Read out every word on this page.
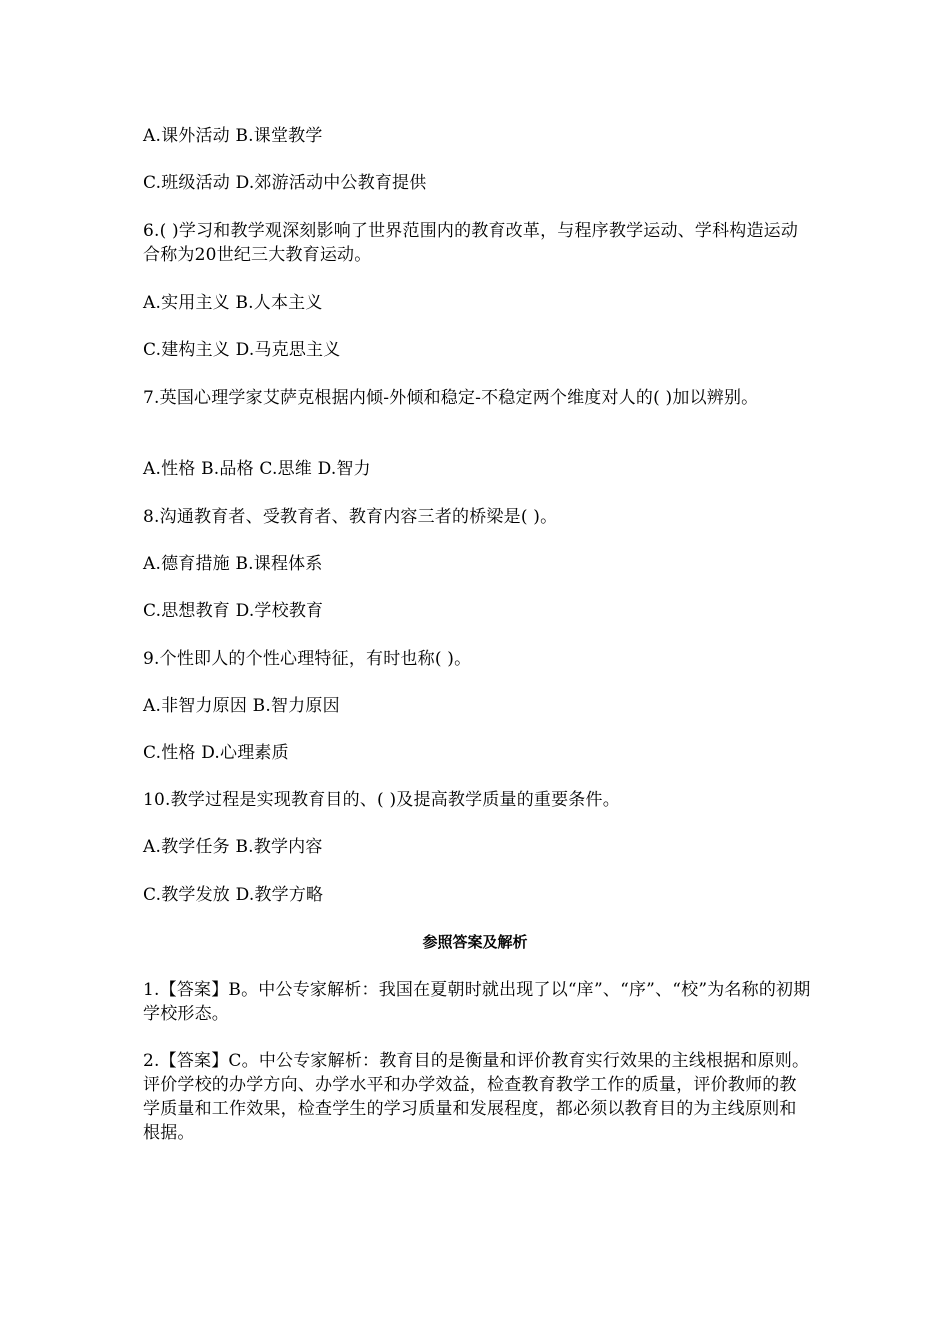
A.课外活动 B.课堂教学
C.班级活动 D.郊游活动中公教育提供
6.( )学习和教学观深刻影响了世界范围内的教育改革，与程序教学运动、学科构造运动合称为20世纪三大教育运动。
A.实用主义 B.人本主义
C.建构主义 D.马克思主义
7.英国心理学家艾萨克根据内倾-外倾和稳定-不稳定两个维度对人的( )加以辨别。
A.性格 B.品格 C.思维 D.智力
8.沟通教育者、受教育者、教育内容三者的桥梁是( )。
A.德育措施 B.课程体系
C.思想教育 D.学校教育
9.个性即人的个性心理特征，有时也称( )。
A.非智力原因 B.智力原因
C.性格 D.心理素质
10.教学过程是实现教育目的、( )及提高教学质量的重要条件。
A.教学任务 B.教学内容
C.教学发放 D.教学方略
参照答案及解析
1.【答案】B。中公专家解析：我国在夏朝时就出现了以“庠”、“序”、“校”为名称的初期学校形态。
2.【答案】C。中公专家解析：教育目的是衡量和评价教育实行效果的主线根据和原则。评价学校的办学方向、办学水平和办学效益，检查教育教学工作的质量，评价教师的教学质量和工作效果，检查学生的学习质量和发展程度，都必须以教育目的为主线原则和根据。
